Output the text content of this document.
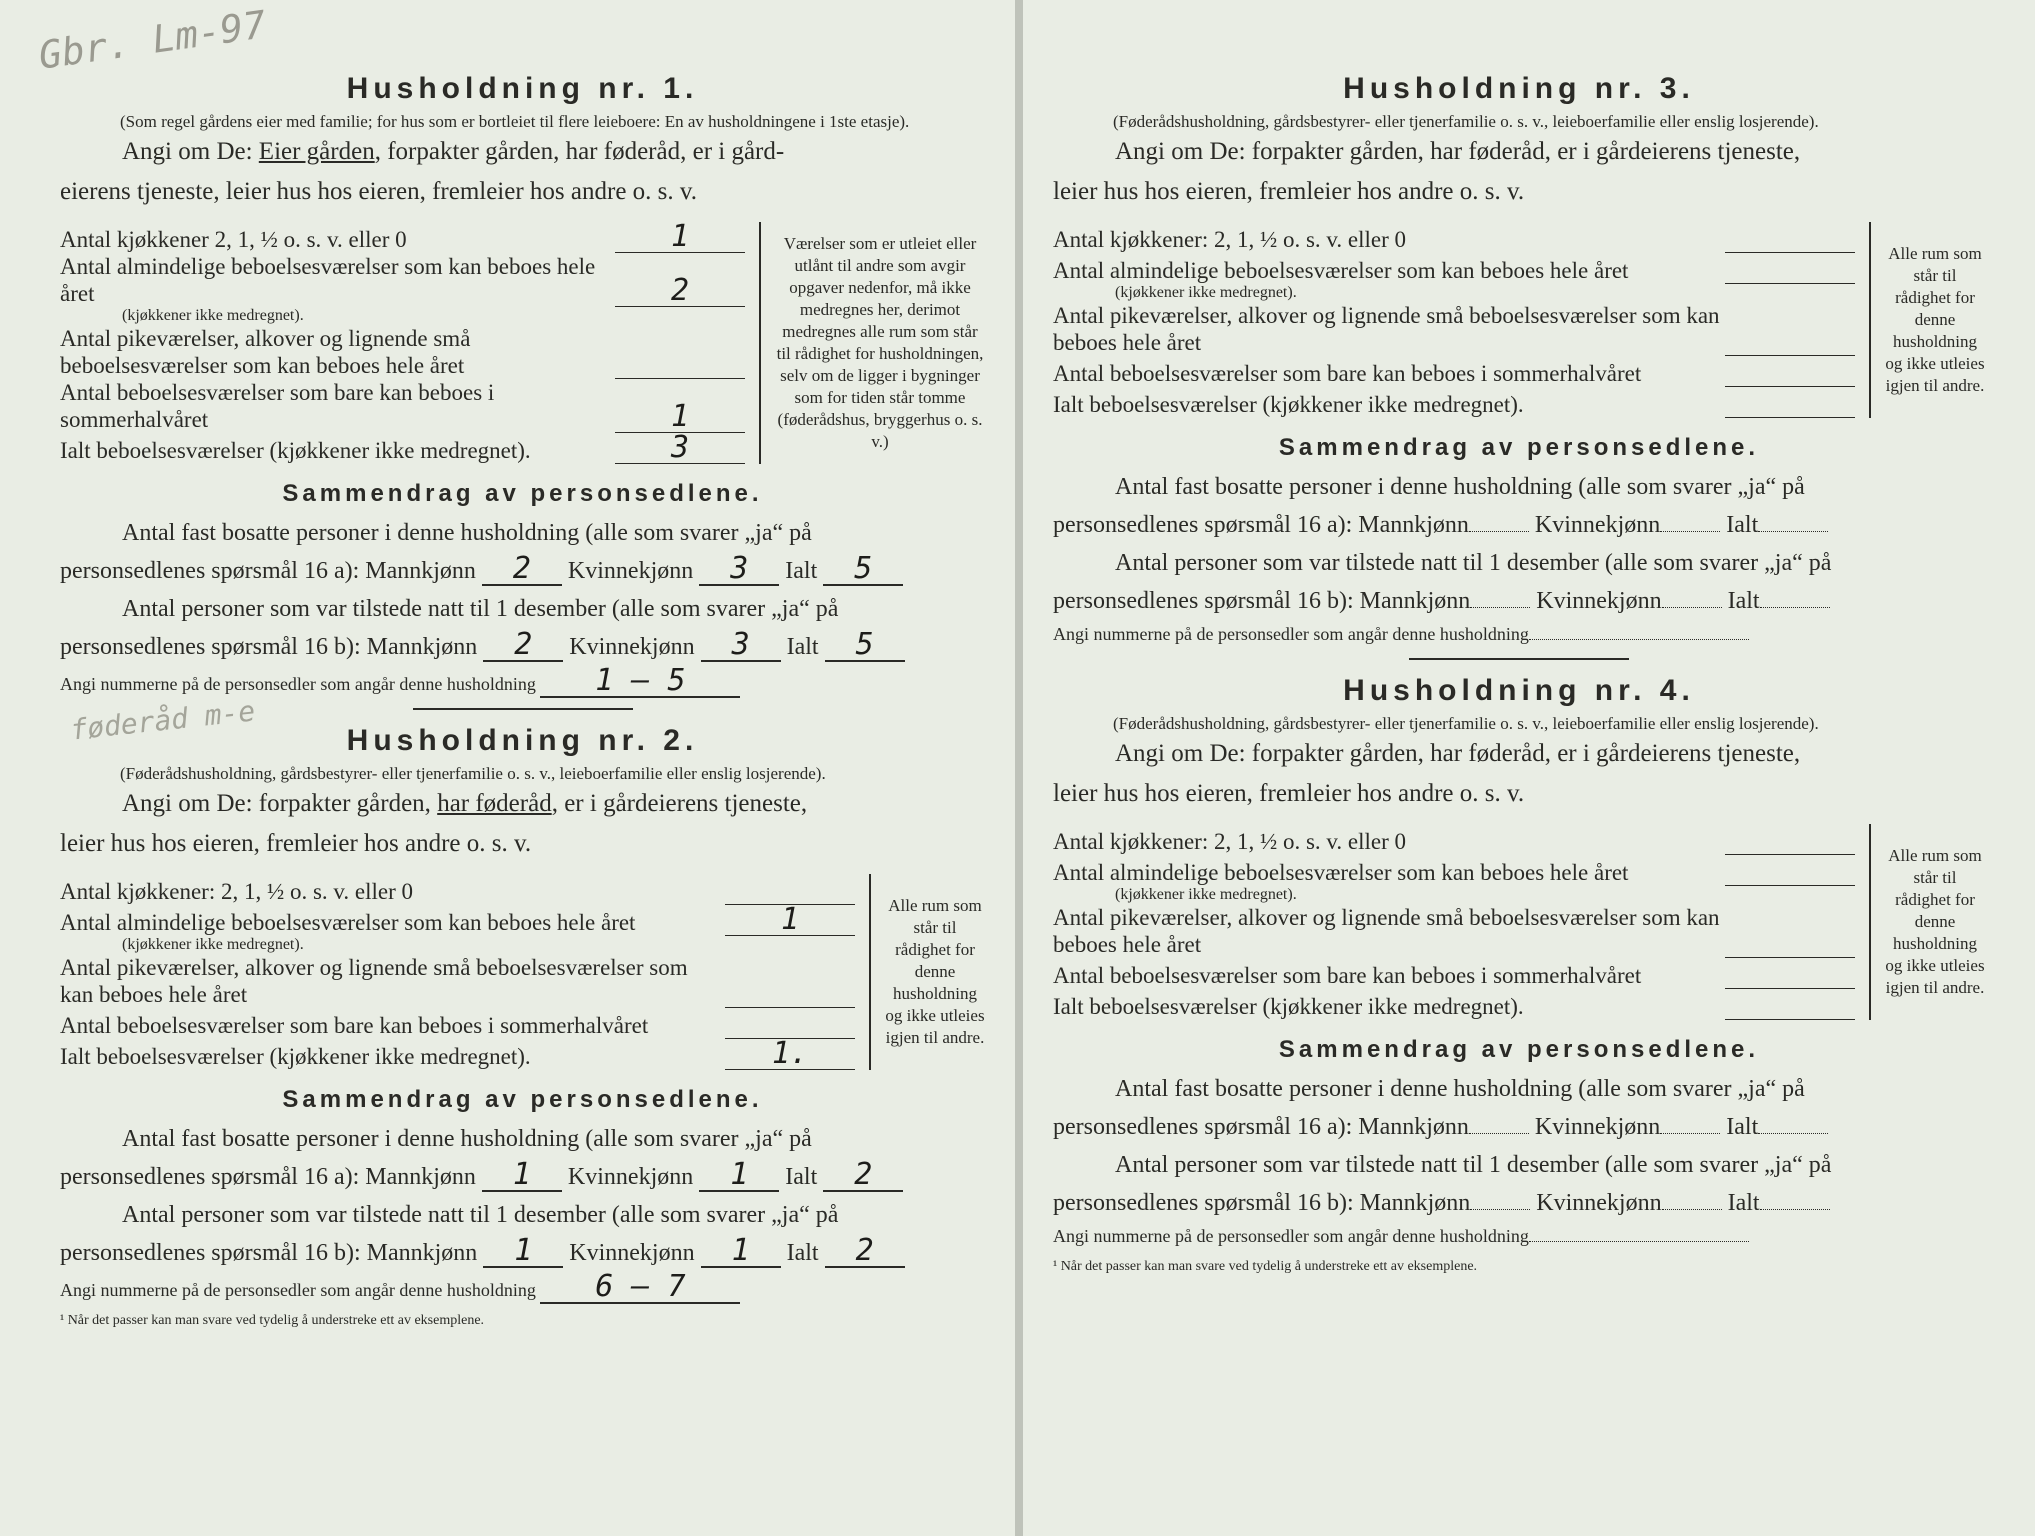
Gbr. Lm-97
Husholdning nr. 1.
(Som regel gårdens eier med familie; for hus som er bortleiet til flere leieboere: En av husholdningene i 1ste etasje).
Angi om De: Eier gården, forpakter gården, har føderåd, er i gård-
eierens tjeneste, leier hus hos eieren, fremleier hos andre o. s. v.
Antal kjøkkener 2, 1, ½ o. s. v. eller 0	1
Antal almindelige beboelsesværelser som kan beboes hele året	2
(kjøkkener ikke medregnet).
Antal pikeværelser, alkover og lignende små beboelsesværelser som kan beboes hele året
Antal beboelsesværelser som bare kan beboes i sommerhalvåret	1
Ialt beboelsesværelser (kjøkkener ikke medregnet).	3
Værelser som er utleiet eller utlånt til andre som avgir opgaver nedenfor, må ikke medregnes her, derimot medregnes alle rum som står til rådighet for husholdningen, selv om de ligger i bygninger som for tiden står tomme (føderådshus, bryggerhus o. s. v.)
Sammendrag av personsedlene.
Antal fast bosatte personer i denne husholdning (alle som svarer „ja“ på
personsedlenes spørsmål 16 a): Mannkjønn 2 Kvinnekjønn 3 Ialt 5
Antal personer som var tilstede natt til 1 desember (alle som svarer „ja“ på
personsedlenes spørsmål 16 b): Mannkjønn 2 Kvinnekjønn 3 Ialt 5
Angi nummerne på de personsedler som angår denne husholdning 1 – 5
føderåd m-e	Husholdning nr. 2.
(Føderådshusholdning, gårdsbestyrer- eller tjenerfamilie o. s. v., leieboerfamilie eller enslig losjerende).
Angi om De: forpakter gården, har føderåd, er i gårdeierens tjeneste,
leier hus hos eieren, fremleier hos andre o. s. v.
Antal kjøkkener: 2, 1, ½ o. s. v. eller 0
Antal almindelige beboelsesværelser som kan beboes hele året	1
(kjøkkener ikke medregnet).
Antal pikeværelser, alkover og lignende små beboelsesværelser som kan beboes hele året
Antal beboelsesværelser som bare kan beboes i sommerhalvåret
Ialt beboelsesværelser (kjøkkener ikke medregnet).	1.
Alle rum som står til rådighet for denne husholdning og ikke utleies igjen til andre.
Sammendrag av personsedlene.
Antal fast bosatte personer i denne husholdning (alle som svarer „ja“ på
personsedlenes spørsmål 16 a): Mannkjønn 1 Kvinnekjønn 1 Ialt 2
Antal personer som var tilstede natt til 1 desember (alle som svarer „ja“ på
personsedlenes spørsmål 16 b): Mannkjønn 1 Kvinnekjønn 1 Ialt 2
Angi nummerne på de personsedler som angår denne husholdning 6 – 7
¹ Når det passer kan man svare ved tydelig å understreke ett av eksemplene.
Husholdning nr. 3.
(Føderådshusholdning, gårdsbestyrer- eller tjenerfamilie o. s. v., leieboerfamilie eller enslig losjerende).
Angi om De: forpakter gården, har føderåd, er i gårdeierens tjeneste,
leier hus hos eieren, fremleier hos andre o. s. v.
Antal kjøkkener: 2, 1, ½ o. s. v. eller 0
Antal almindelige beboelsesværelser som kan beboes hele året
(kjøkkener ikke medregnet).
Antal pikeværelser, alkover og lignende små beboelsesværelser som kan beboes hele året
Antal beboelsesværelser som bare kan beboes i sommerhalvåret
Ialt beboelsesværelser (kjøkkener ikke medregnet).
Alle rum som står til rådighet for denne husholdning og ikke utleies igjen til andre.
Sammendrag av personsedlene.
Antal fast bosatte personer i denne husholdning (alle som svarer „ja“ på
personsedlenes spørsmål 16 a): Mannkjønn	Kvinnekjønn	Ialt
Antal personer som var tilstede natt til 1 desember (alle som svarer „ja“ på
personsedlenes spørsmål 16 b): Mannkjønn	Kvinnekjønn	Ialt
Angi nummerne på de personsedler som angår denne husholdning
Husholdning nr. 4.
(Føderådshusholdning, gårdsbestyrer- eller tjenerfamilie o. s. v., leieboerfamilie eller enslig losjerende).
Angi om De: forpakter gården, har føderåd, er i gårdeierens tjeneste,
leier hus hos eieren, fremleier hos andre o. s. v.
Antal kjøkkener: 2, 1, ½ o. s. v. eller 0
Antal almindelige beboelsesværelser som kan beboes hele året
(kjøkkener ikke medregnet).
Antal pikeværelser, alkover og lignende små beboelsesværelser som kan beboes hele året
Antal beboelsesværelser som bare kan beboes i sommerhalvåret
Ialt beboelsesværelser (kjøkkener ikke medregnet).
Alle rum som står til rådighet for denne husholdning og ikke utleies igjen til andre.
Sammendrag av personsedlene.
Antal fast bosatte personer i denne husholdning (alle som svarer „ja“ på
personsedlenes spørsmål 16 a): Mannkjønn	Kvinnekjønn	Ialt
Antal personer som var tilstede natt til 1 desember (alle som svarer „ja“ på
personsedlenes spørsmål 16 b): Mannkjønn	Kvinnekjønn	Ialt
Angi nummerne på de personsedler som angår denne husholdning
¹ Når det passer kan man svare ved tydelig å understreke ett av eksemplene.
